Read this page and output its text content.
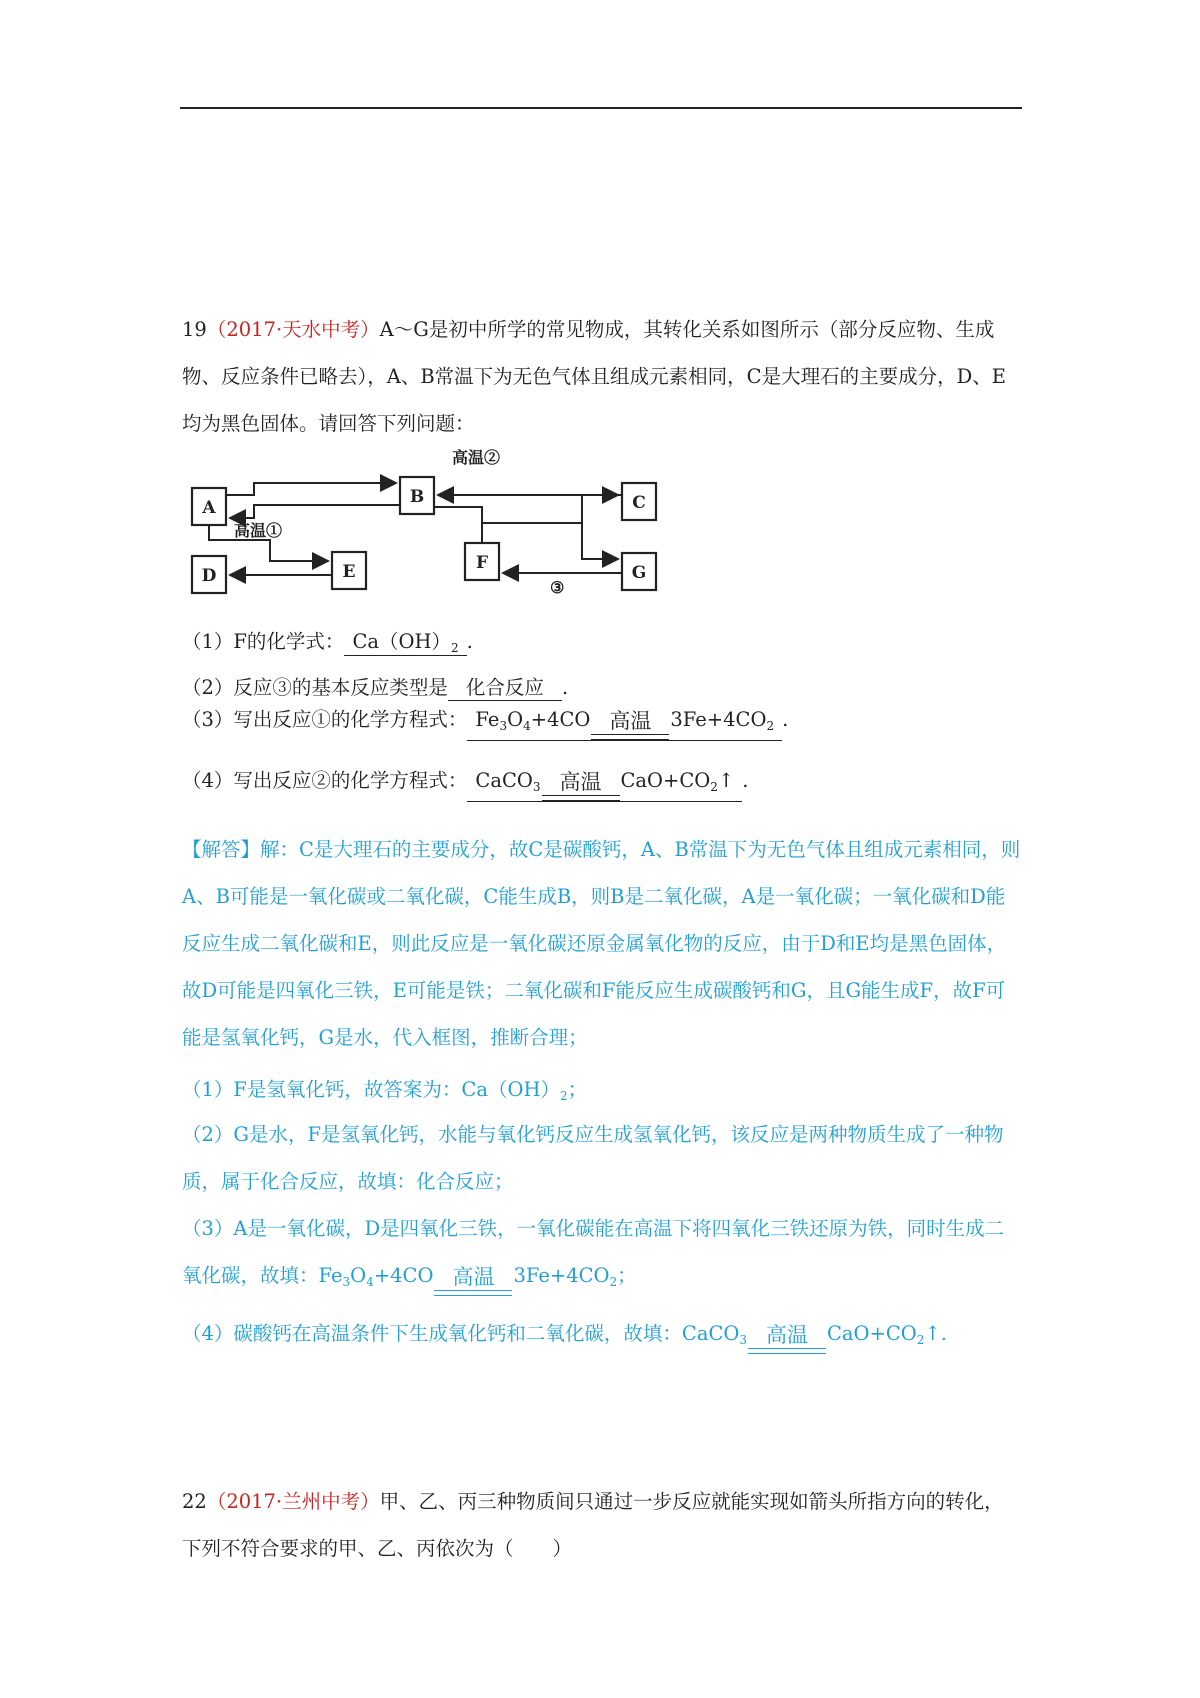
19（2017·天水中考）A～G是初中所学的常见物成，其转化关系如图所示（部分反应物、生成物、反应条件已略去），A、B常温下为无色气体且组成元素相同，C是大理石的主要成分，D、E均为黑色固体。请回答下列问题：
A
B	C
D	E	F	G
高温①
高温②
③
（1）F的化学式： $Ca(OH)_2$ .
（2）反应③的基本反应类型是 化合反应 .
（3）写出反应①的化学方程式： $Fe_3O_4+4CO$ 高温 $3Fe+4CO_2$ .
（4）写出反应②的化学方程式： CaCO$_3$ 高温 $CaO+CO_2↑$ .
【解答】解：C是大理石的主要成分，故C是碳酸钙，A、B常温下为无色气体且组成元素相同，则A、B可能是一氧化碳或二氧化碳，C能生成B，则B是二氧化碳，A是一氧化碳；一氧化碳和D能反应生成二氧化碳和E，则此反应是一氧化碳还原金属氧化物的反应，由于D和E均是黑色固体，故D可能是四氧化三铁，E可能是铁；二氧化碳和F能反应生成碳酸钙和G，且G能生成F，故F可能是氢氧化钙，G是水，代入框图，推断合理；
（1）F是氢氧化钙，故答案为：$Ca(OH)_2$；
（2）G是水，F是氢氧化钙，水能与氧化钙反应生成氢氧化钙，该反应是两种物质生成了一种物质，属于化合反应，故填：化合反应；
（3）A是一氧化碳，D是四氧化三铁，一氧化碳能在高温下将四氧化三铁还原为铁，同时生成二氧化碳，故填：$Fe_3O_4+4CO$ 高温 $3Fe+4CO_2$；
（4）碳酸钙在高温条件下生成氧化钙和二氧化碳，故填：CaCO$_3$ 高温 $CaO+CO_2↑$.
22（2017·兰州中考）甲、乙、丙三种物质间只通过一步反应就能实现如箭头所指方向的转化，下列不符合要求的甲、乙、丙依次为（　　）
